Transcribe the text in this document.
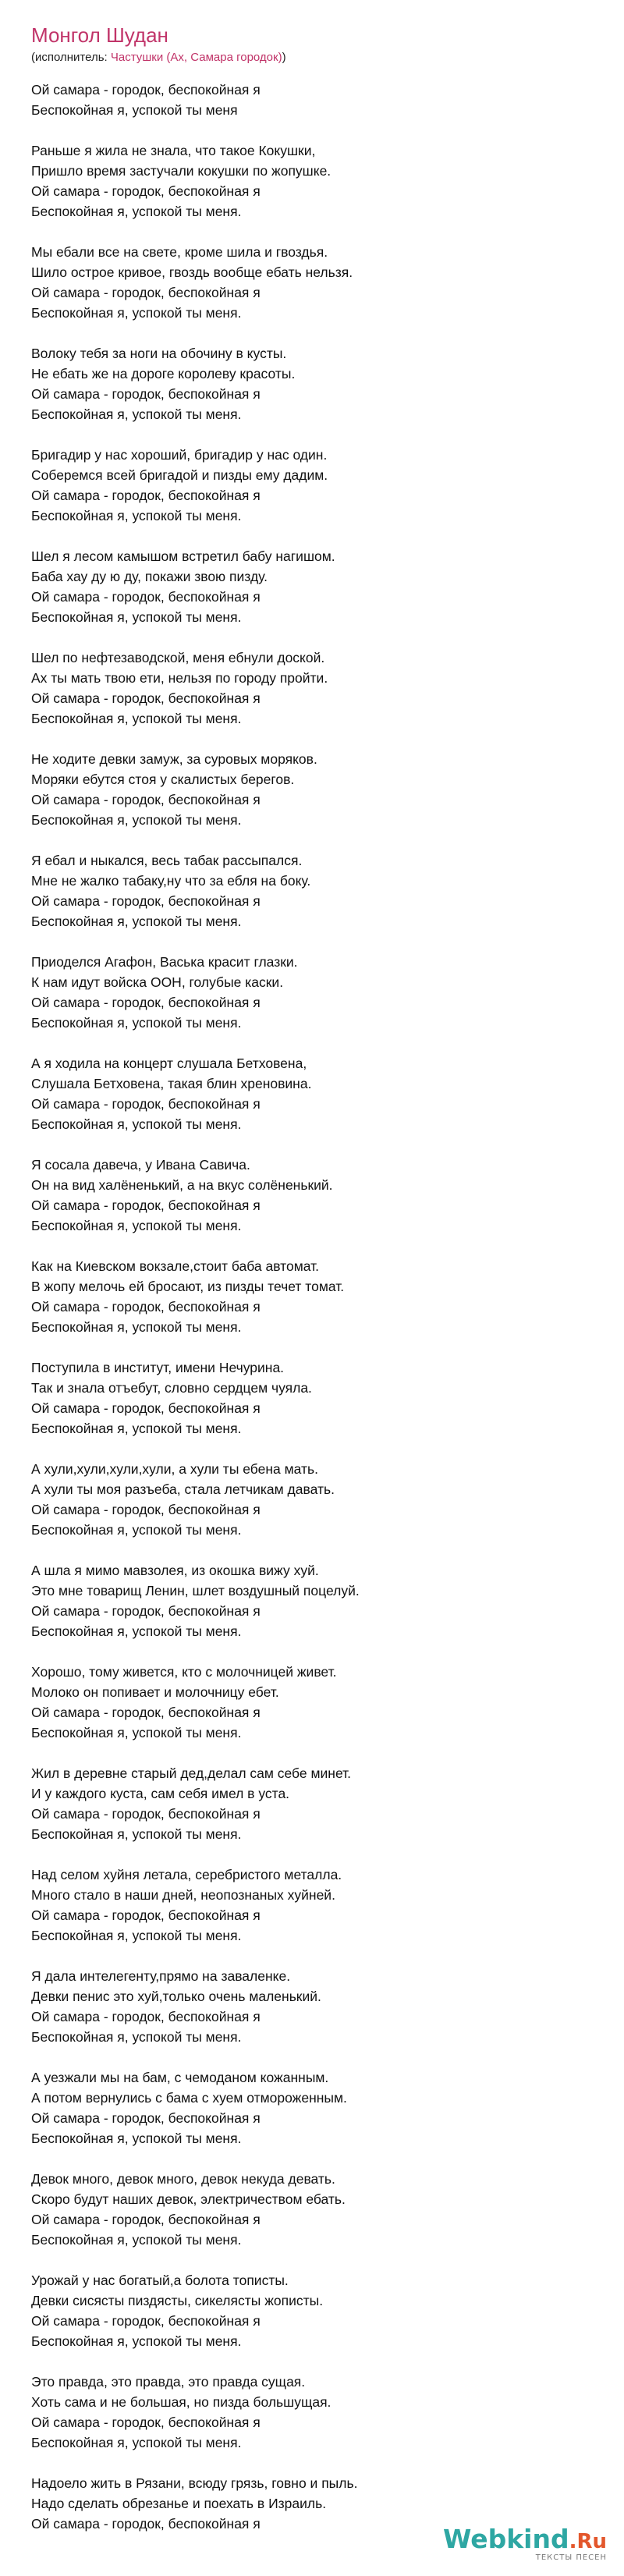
Монгол Шудан
(исполнитель: Частушки (Ах, Самара городок))
Ой самара - городок, беспокойная я
Беспокойная я, успокой ты меня
Раньше я жила не знала, что такое Кокушки,
Пришло время застучали кокушки по жопушке.
Ой самара - городок, беспокойная я
Беспокойная я, успокой ты меня.
Мы ебали все на свете, кроме шила и гвоздья.
Шило острое кривое, гвоздь вообще ебать нельзя.
Ой самара - городок, беспокойная я
Беспокойная я, успокой ты меня.
Волоку тебя за ноги на обочину в кусты.
Не ебать же на дороге королеву красоты.
Ой самара - городок, беспокойная я
Беспокойная я, успокой ты меня.
Бригадир у нас хороший, бригадир у нас один.
Соберемся всей бригадой и пизды ему дадим.
Ой самара - городок, беспокойная я
Беспокойная я, успокой ты меня.
Шел я лесом камышом встретил бабу нагишом.
Баба хау ду ю ду, покажи звою пизду.
Ой самара - городок, беспокойная я
Беспокойная я, успокой ты меня.
Шел по нефтезаводской, меня ебнули доской.
Ах ты мать твою ети, нельзя по городу пройти.
Ой самара - городок, беспокойная я
Беспокойная я, успокой ты меня.
Не ходите девки замуж, за суровых моряков.
Моряки ебутся стоя у скалистых берегов.
Ой самара - городок, беспокойная я
Беспокойная я, успокой ты меня.
Я ебал и ныкался, весь табак рассыпался.
Мне не жалко табаку,ну что за ебля на боку.
Ой самара - городок, беспокойная я
Беспокойная я, успокой ты меня.
Приоделся Агафон, Васька красит глазки.
К нам идут войска ООН, голубые каски.
Ой самара - городок, беспокойная я
Беспокойная я, успокой ты меня.
А я ходила на концерт слушала Бетховена,
Слушала Бетховена, такая блин хреновина.
Ой самара - городок, беспокойная я
Беспокойная я, успокой ты меня.
Я сосала давеча, у Ивана Савича.
Он на вид халёненький, а на вкус солёненький.
Ой самара - городок, беспокойная я
Беспокойная я, успокой ты меня.
Как на Киевском вокзале,стоит баба автомат.
В жопу мелочь ей бросают, из пизды течет томат.
Ой самара - городок, беспокойная я
Беспокойная я, успокой ты меня.
Поступила в институт, имени Нечурина.
Так и знала отъебут, словно сердцем чуяла.
Ой самара - городок, беспокойная я
Беспокойная я, успокой ты меня.
А хули,хули,хули,хули, а хули ты ебена мать.
А хули ты моя разъеба, стала летчикам давать.
Ой самара - городок, беспокойная я
Беспокойная я, успокой ты меня.
А шла я мимо мавзолея, из окошка вижу хуй.
Это мне товарищ Ленин, шлет воздушный поцелуй.
Ой самара - городок, беспокойная я
Беспокойная я, успокой ты меня.
Хорошо, тому живется, кто с молочницей живет.
Молоко он попивает и молочницу ебет.
Ой самара - городок, беспокойная я
Беспокойная я, успокой ты меня.
Жил в деревне старый дед,делал сам себе минет.
И у каждого куста, сам себя имел в уста.
Ой самара - городок, беспокойная я
Беспокойная я, успокой ты меня.
Над селом хуйня летала, серебристого металла.
Много стало в наши дней, неопознаных хуйней.
Ой самара - городок, беспокойная я
Беспокойная я, успокой ты меня.
Я дала интелегенту,прямо на заваленке.
Девки пенис это хуй,только очень маленький.
Ой самара - городок, беспокойная я
Беспокойная я, успокой ты меня.
А уезжали мы на бам, с чемоданом кожанным.
А потом вернулись с бама с хуем отмороженным.
Ой самара - городок, беспокойная я
Беспокойная я, успокой ты меня.
Девок много, девок много, девок некуда девать.
Скоро будут наших девок, электричеством ебать.
Ой самара - городок, беспокойная я
Беспокойная я, успокой ты меня.
Урожай у нас богатый,а болота тописты.
Девки сисясты пиздясты, сикелясты жописты.
Ой самара - городок, беспокойная я
Беспокойная я, успокой ты меня.
Это правда, это правда, это правда сущая.
Хоть сама и не большая, но пизда большущая.
Ой самара - городок, беспокойная я
Беспокойная я, успокой ты меня.
Надоело жить в Рязани, всюду грязь, говно и пыль.
Надо сделать обрезанье и поехать в Израиль.
Ой самара - городок, беспокойная я	Webkind.Ru
ТЕКСТЫ ПЕСЕН
